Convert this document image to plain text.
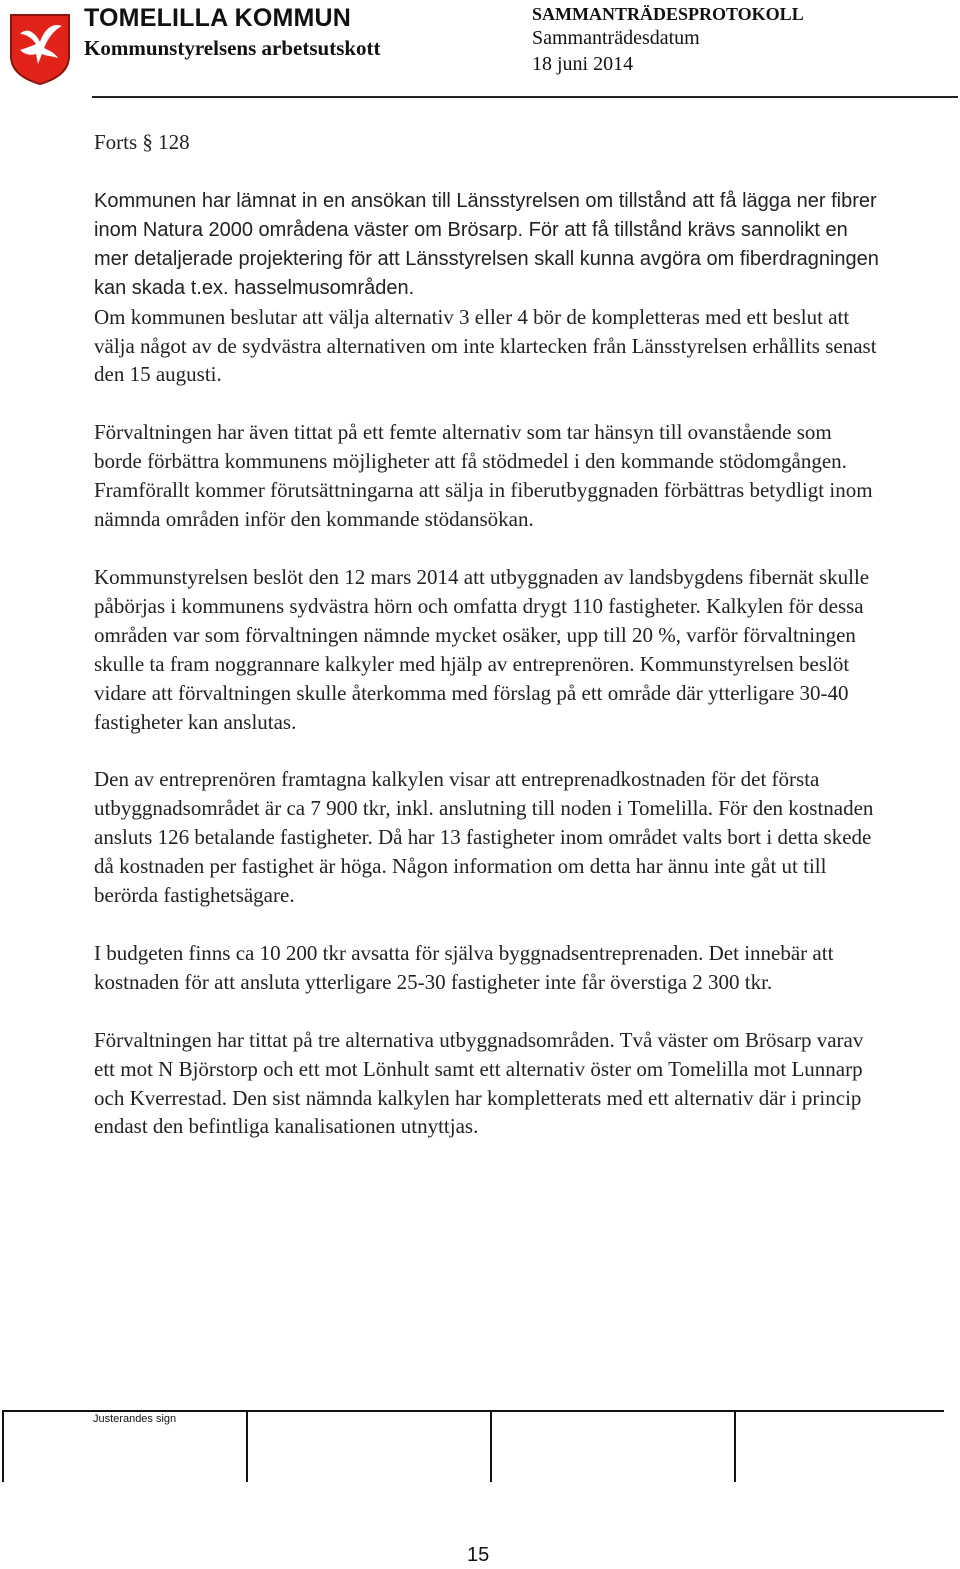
TOMELILLA KOMMUN
Kommunstyrelsens arbetsutskott
SAMMANTRÄDESPROTOKOLL
Sammanträdesdatum
18 juni 2014
Forts § 128

Kommunen har lämnat in en ansökan till Länsstyrelsen om tillstånd att få lägga ner fibrer inom Natura 2000 områdena väster om Brösarp. För att få tillstånd krävs sannolikt en mer detaljerade projektering för att Länsstyrelsen skall kunna avgöra om fiberdragningen kan skada t.ex. hasselmusområden.

Om kommunen beslutar att välja alternativ 3 eller 4 bör de kompletteras med ett beslut att välja något av de sydvästra alternativen om inte klartecken från Länsstyrelsen erhållits senast den 15 augusti.

Förvaltningen har även tittat på ett femte alternativ som tar hänsyn till ovanstående som borde förbättra kommunens möjligheter att få stödmedel i den kommande stödomgången. Framförallt kommer förutsättningarna att sälja in fiberutbyggnaden förbättras betydligt inom nämnda områden inför den kommande stödansökan.

Kommunstyrelsen beslöt den 12 mars 2014 att utbyggnaden av landsbygdens fibernät skulle påbörjas i kommunens sydvästra hörn och omfatta drygt 110 fastigheter. Kalkylen för dessa områden var som förvaltningen nämnde mycket osäker, upp till 20 %, varför förvaltningen skulle ta fram noggrannare kalkyler med hjälp av entreprenören. Kommunstyrelsen beslöt vidare att förvaltningen skulle återkomma med förslag på ett område där ytterligare 30-40 fastigheter kan anslutas.

Den av entreprenören framtagna kalkylen visar att entreprenadkostnaden för det första utbyggnadsområdet är ca 7 900 tkr, inkl. anslutning till noden i Tomelilla. För den kostnaden ansluts 126 betalande fastigheter. Då har 13 fastigheter inom området valts bort i detta skede då kostnaden per fastighet är höga. Någon information om detta har ännu inte gåt ut till berörda fastighetsägare.

I budgeten finns ca 10 200 tkr avsatta för själva byggnadsentreprenaden. Det innebär att kostnaden för att ansluta ytterligare 25-30 fastigheter inte får överstiga 2 300 tkr.

Förvaltningen har tittat på tre alternativa utbyggnadsområden. Två väster om Brösarp varav ett mot N Björstorp och ett mot Lönhult samt ett alternativ öster om Tomelilla mot Lunnarp och Kverrestad. Den sist nämnda kalkylen har kompletterats med ett alternativ där i princip endast den befintliga kanalisationen utnyttjas.

Justerandes sign
15
